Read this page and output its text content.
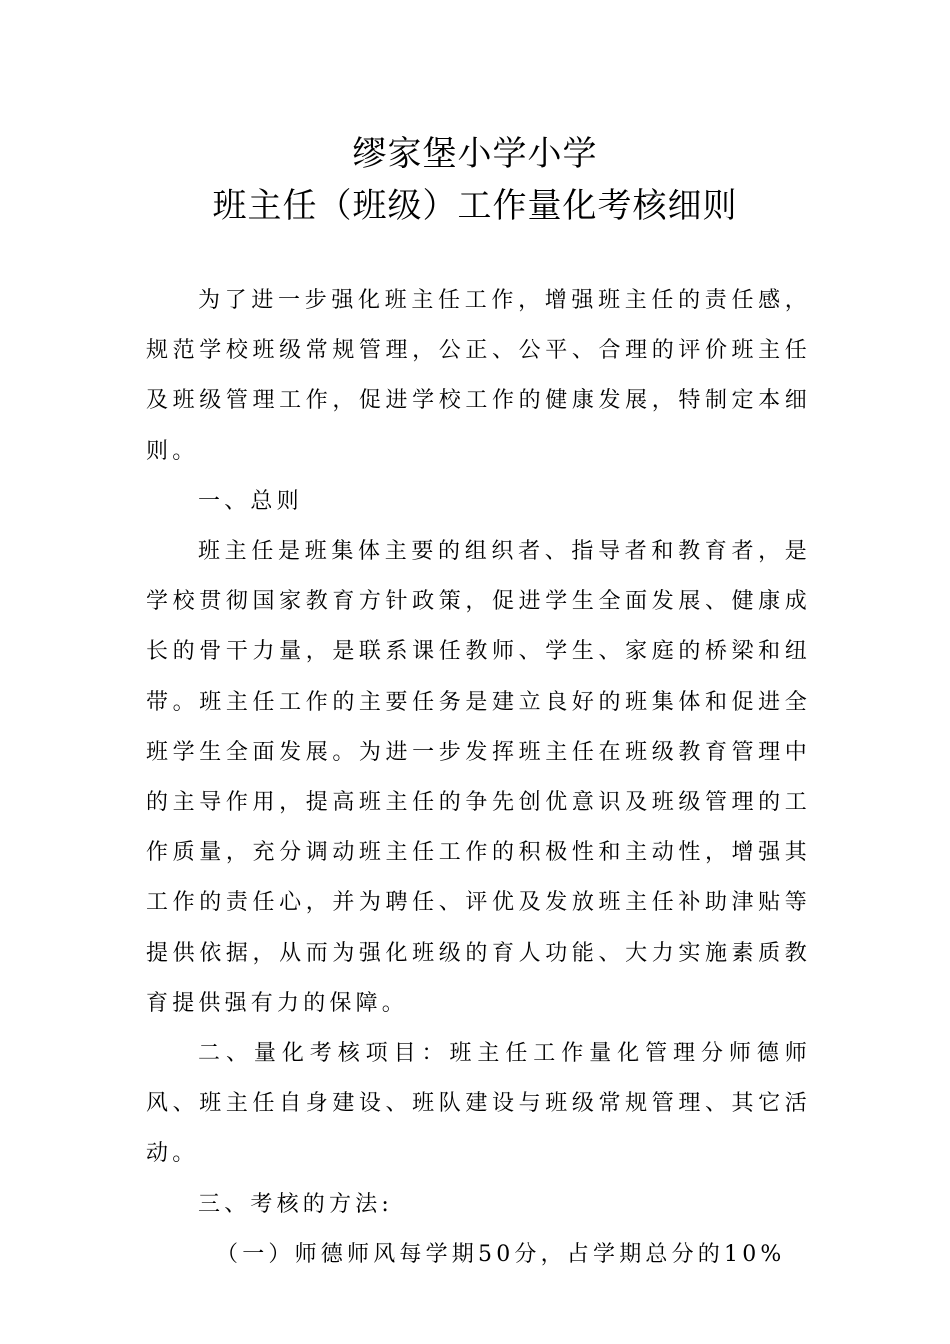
缪家堡小学小学
班主任（班级）工作量化考核细则

为了进一步强化班主任工作，增强班主任的责任感，规范学校班级常规管理，公正、公平、合理的评价班主任及班级管理工作，促进学校工作的健康发展，特制定本细则。

一、总则

班主任是班集体主要的组织者、指导者和教育者，是学校贯彻国家教育方针政策，促进学生全面发展、健康成长的骨干力量，是联系课任教师、学生、家庭的桥梁和纽带。班主任工作的主要任务是建立良好的班集体和促进全班学生全面发展。为进一步发挥班主任在班级教育管理中的主导作用，提高班主任的争先创优意识及班级管理的工作质量，充分调动班主任工作的积极性和主动性，增强其工作的责任心，并为聘任、评优及发放班主任补助津贴等提供依据，从而为强化班级的育人功能、大力实施素质教育提供强有力的保障。

二、量化考核项目：班主任工作量化管理分师德师风、班主任自身建设、班队建设与班级常规管理、其它活动。

三、考核的方法:

（一）师德师风每学期50分，占学期总分的10%
